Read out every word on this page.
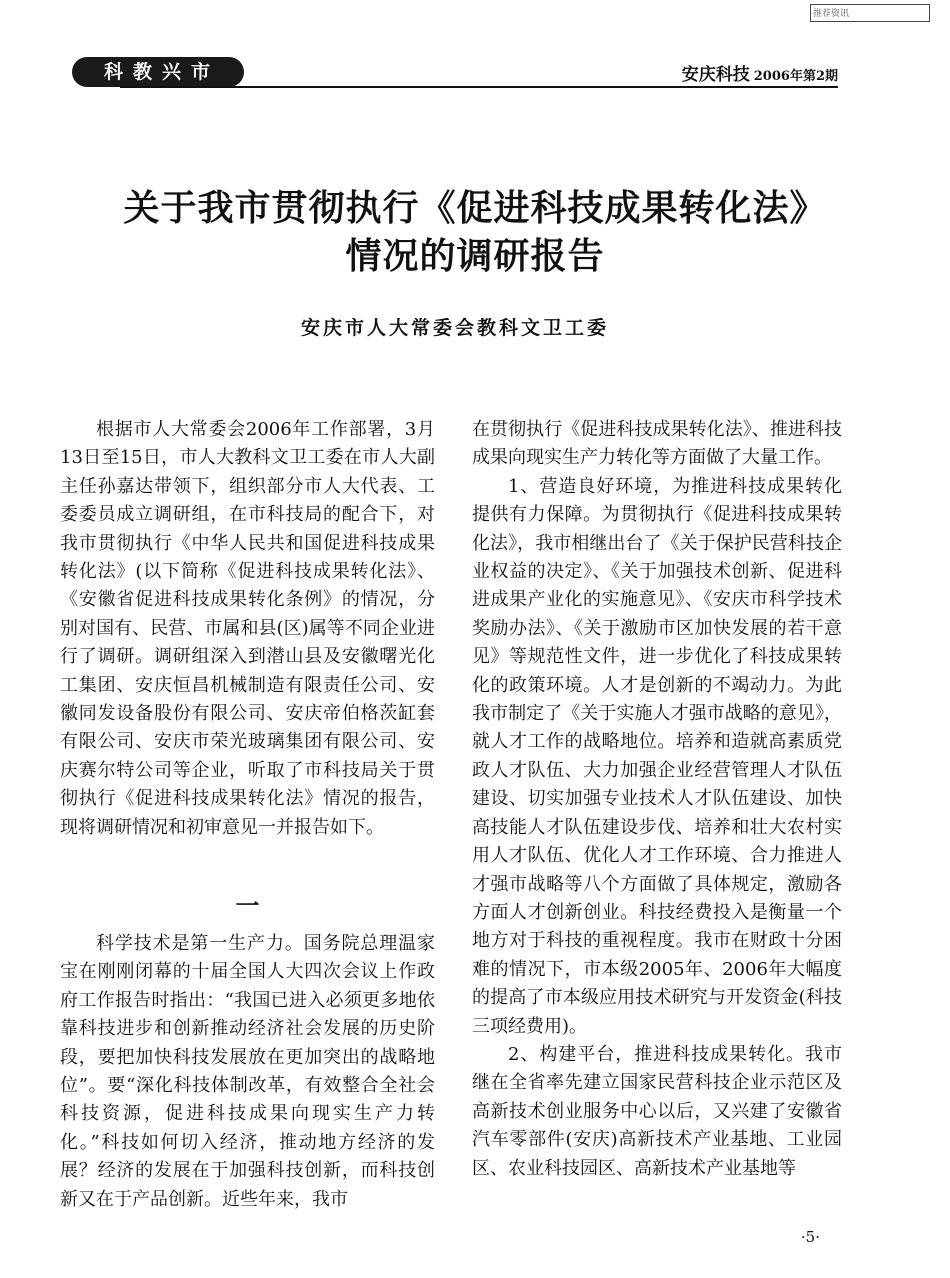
推荐资讯
科教兴市	安庆科技 2006年第2期
关于我市贯彻执行《促进科技成果转化法》
情况的调研报告
安庆市人大常委会教科文卫工委

根据市人大常委会2006年工作部署，3月13日至15日，市人大教科文卫工委在市人大副主任孙嘉达带领下，组织部分市人大代表、工委委员成立调研组，在市科技局的配合下，对我市贯彻执行《中华人民共和国促进科技成果转化法》(以下简称《促进科技成果转化法》、《安徽省促进科技成果转化条例》的情况，分别对国有、民营、市属和县(区)属等不同企业进行了调研。调研组深入到潜山县及安徽曙光化工集团、安庆恒昌机械制造有限责任公司、安徽同发设备股份有限公司、安庆帝伯格茨缸套有限公司、安庆市荣光玻璃集团有限公司、安庆赛尔特公司等企业，听取了市科技局关于贯彻执行《促进科技成果转化法》情况的报告，现将调研情况和初审意见一并报告如下。

一

科学技术是第一生产力。国务院总理温家宝在刚刚闭幕的十届全国人大四次会议上作政府工作报告时指出：“我国已进入必须更多地依靠科技进步和创新推动经济社会发展的历史阶段，要把加快科技发展放在更加突出的战略地位”。要“深化科技体制改革，有效整合全社会科技资源，促进科技成果向现实生产力转化。”科技如何切入经济，推动地方经济的发展？经济的发展在于加强科技创新，而科技创新又在于产品创新。近些年来，我市

在贯彻执行《促进科技成果转化法》、推进科技成果向现实生产力转化等方面做了大量工作。

1、营造良好环境，为推进科技成果转化提供有力保障。为贯彻执行《促进科技成果转化法》，我市相继出台了《关于保护民营科技企业权益的决定》、《关于加强技术创新、促进科进成果产业化的实施意见》、《安庆市科学技术奖励办法》、《关于激励市区加快发展的若干意见》等规范性文件，进一步优化了科技成果转化的政策环境。人才是创新的不竭动力。为此我市制定了《关于实施人才强市战略的意见》，就人才工作的战略地位。培养和造就高素质党政人才队伍、大力加强企业经营管理人才队伍建设、切实加强专业技术人才队伍建设、加快高技能人才队伍建设步伐、培养和壮大农村实用人才队伍、优化人才工作环境、合力推进人才强市战略等八个方面做了具体规定，激励各方面人才创新创业。科技经费投入是衡量一个地方对于科技的重视程度。我市在财政十分困难的情况下，市本级2005年、2006年大幅度的提高了市本级应用技术研究与开发资金(科技三项经费用)。

2、构建平台，推进科技成果转化。我市继在全省率先建立国家民营科技企业示范区及高新技术创业服务中心以后，又兴建了安徽省汽车零部件(安庆)高新技术产业基地、工业园区、农业科技园区、高新技术产业基地等

·5·
